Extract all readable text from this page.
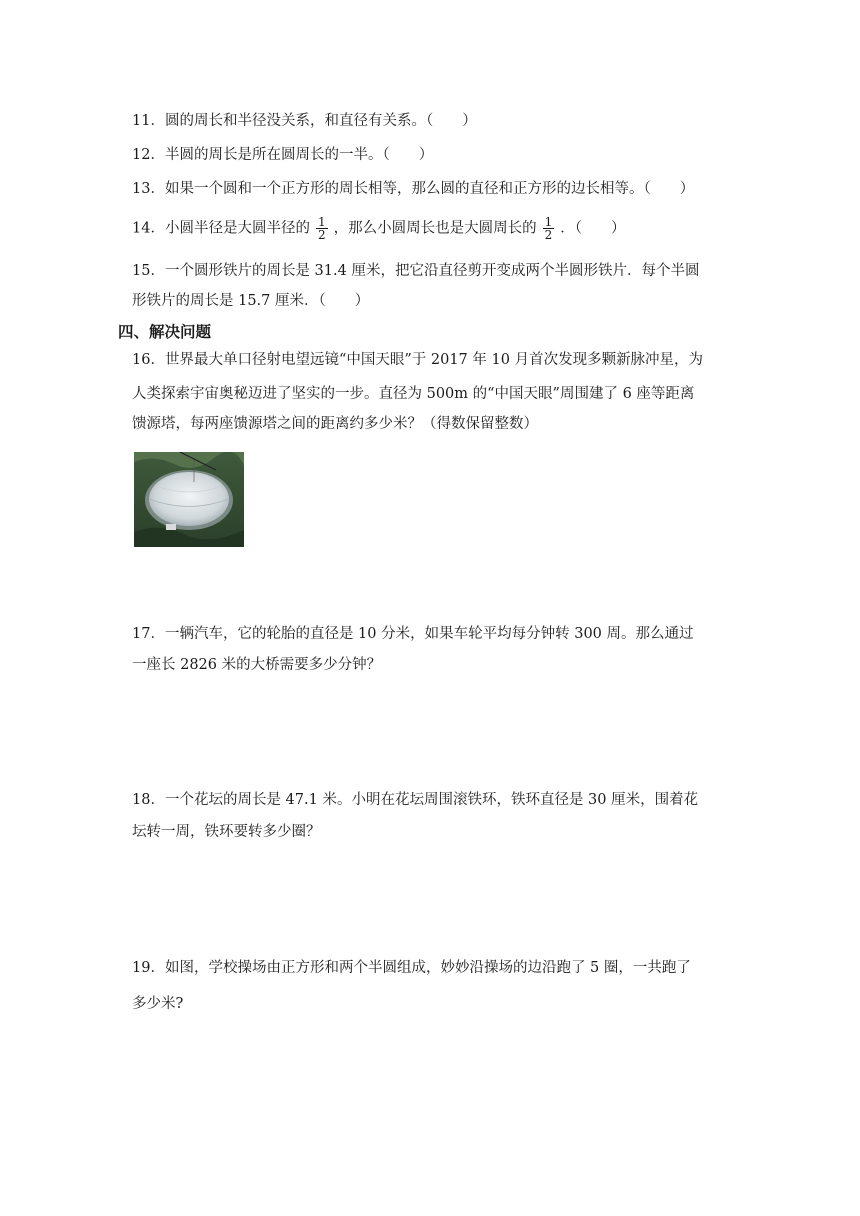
11．圆的周长和半径没关系，和直径有关系。（　　）
12．半圆的周长是所在圆周长的一半。（　　）
13．如果一个圆和一个正方形的周长相等，那么圆的直径和正方形的边长相等。（　　）
14．小圆半径是大圆半径的 $\frac{1}{2}$ ，那么小圆周长也是大圆周长的 $\frac{1}{2}$ ．（　　）
15．一个圆形铁片的周长是 31.4 厘米，把它沿直径剪开变成两个半圆形铁片．每个半圆
形铁片的周长是 15.7 厘米．（　　）
四、解决问题
16．世界最大单口径射电望远镜“中国天眼”于 2017 年 10 月首次发现多颗新脉冲星，为
人类探索宇宙奥秘迈进了坚实的一步。直径为 500m 的“中国天眼”周围建了 6 座等距离
馈源塔，每两座馈源塔之间的距离约多少米？（得数保留整数）
17．一辆汽车，它的轮胎的直径是 10 分米，如果车轮平均每分钟转 300 周。那么通过
一座长 2826 米的大桥需要多少分钟？
18．一个花坛的周长是 47.1 米。小明在花坛周围滚铁环，铁环直径是 30 厘米，围着花
坛转一周，铁环要转多少圈？
19．如图，学校操场由正方形和两个半圆组成，妙妙沿操场的边沿跑了 5 圈，一共跑了
多少米?
